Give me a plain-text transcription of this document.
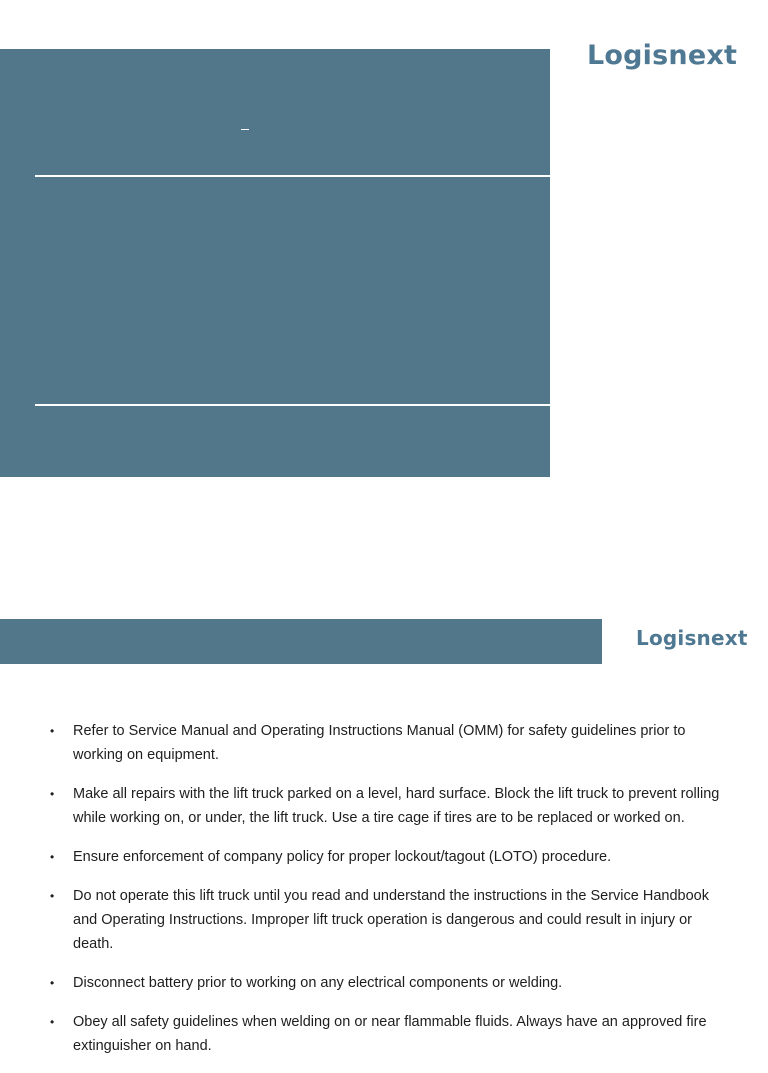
Logisnext
Logisnext
• Refer to Service Manual and Operating Instructions Manual (OMM) for safety guidelines prior to working on equipment.
• Make all repairs with the lift truck parked on a level, hard surface. Block the lift truck to prevent rolling while working on, or under, the lift truck. Use a tire cage if tires are to be replaced or worked on.
• Ensure enforcement of company policy for proper lockout/tagout (LOTO) procedure.
• Do not operate this lift truck until you read and understand the instructions in the Service Handbook and Operating Instructions. Improper lift truck operation is dangerous and could result in injury or death.
• Disconnect battery prior to working on any electrical components or welding.
• Obey all safety guidelines when welding on or near flammable fluids. Always have an approved fire extinguisher on hand.
